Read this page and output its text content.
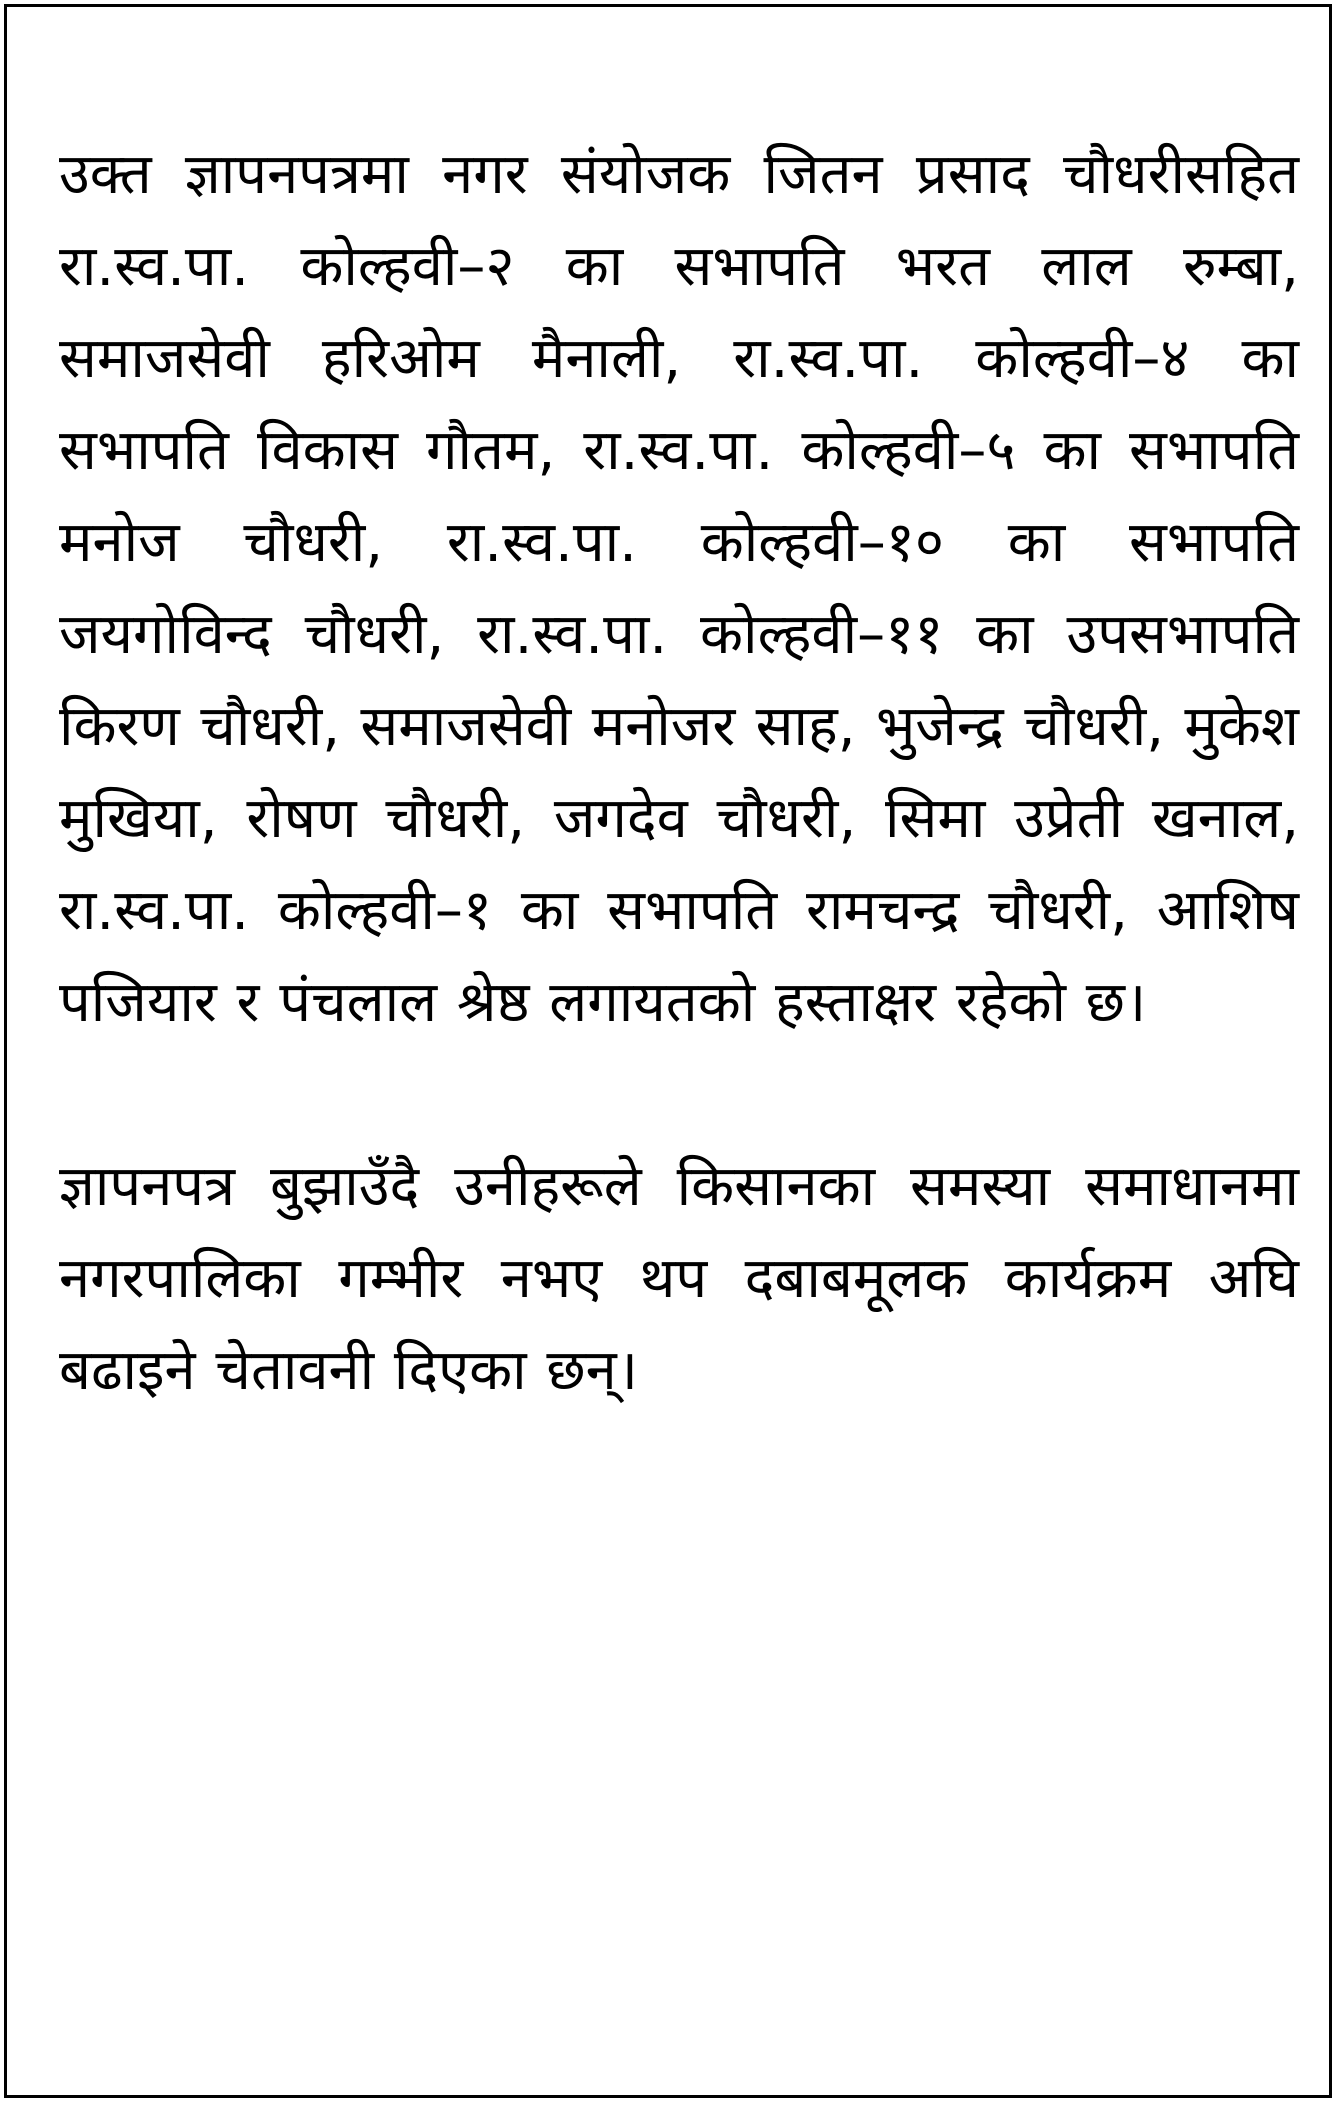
उक्त ज्ञापनपत्रमा नगर संयोजक जितन प्रसाद चौधरीसहित रा.स्व.पा. कोल्हवी–२ का सभापति भरत लाल रुम्बा, समाजसेवी हरिओम मैनाली, रा.स्व.पा. कोल्हवी–४ का सभापति विकास गौतम, रा.स्व.पा. कोल्हवी–५ का सभापति मनोज चौधरी, रा.स्व.पा. कोल्हवी–१० का सभापति जयगोविन्द चौधरी, रा.स्व.पा. कोल्हवी–११ का उपसभापति किरण चौधरी, समाजसेवी मनोजर साह, भुजेन्द्र चौधरी, मुकेश मुखिया, रोषण चौधरी, जगदेव चौधरी, सिमा उप्रेती खनाल, रा.स्व.पा. कोल्हवी–१ का सभापति रामचन्द्र चौधरी, आशिष पजियार र पंचलाल श्रेष्ठ लगायतको हस्ताक्षर रहेको छ।

ज्ञापनपत्र बुझाउँदै उनीहरूले किसानका समस्या समाधानमा नगरपालिका गम्भीर नभए थप दबाबमूलक कार्यक्रम अघि बढाइने चेतावनी दिएका छन्।
